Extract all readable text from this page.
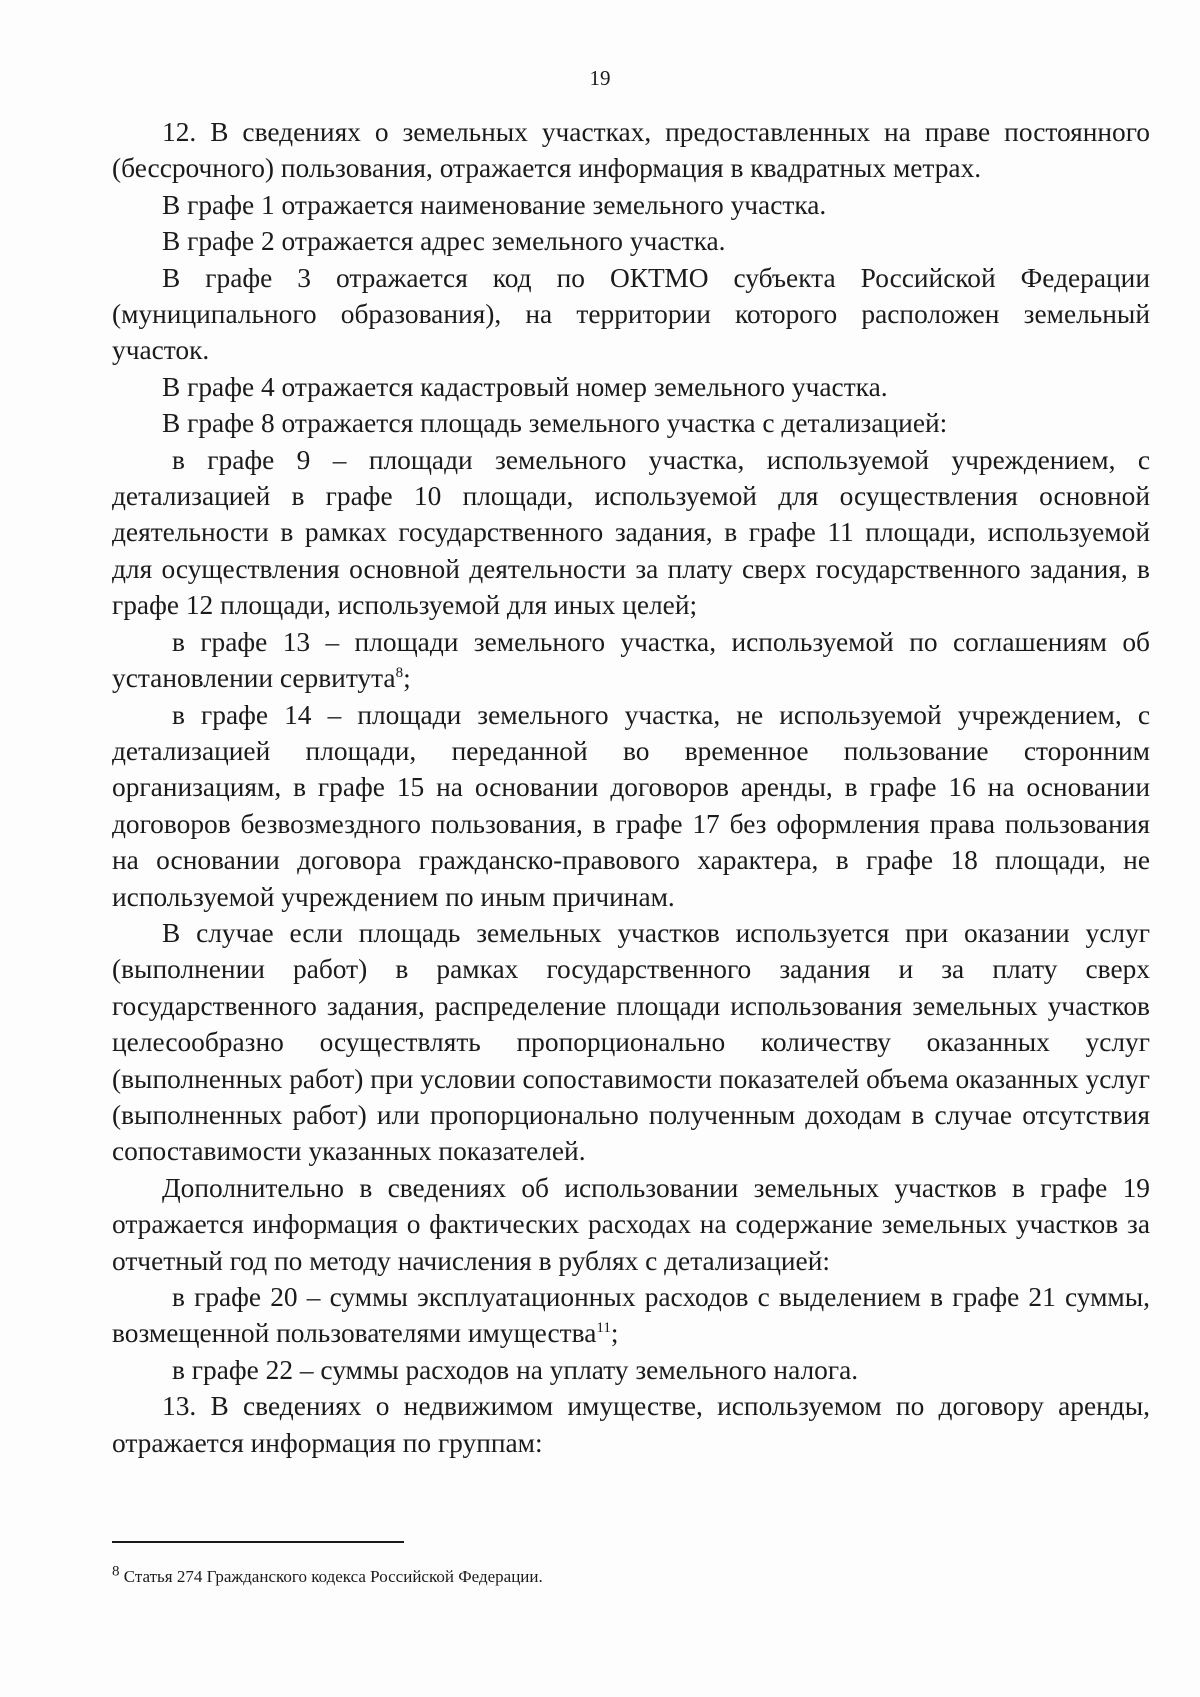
19

12. В сведениях о земельных участках, предоставленных на праве постоянного (бессрочного) пользования, отражается информация в квадратных метрах.

В графе 1 отражается наименование земельного участка.

В графе 2 отражается адрес земельного участка.

В графе 3 отражается код по ОКТМО субъекта Российской Федерации (муниципального образования), на территории которого расположен земельный участок.

В графе 4 отражается кадастровый номер земельного участка.

В графе 8 отражается площадь земельного участка с детализацией:

в графе 9 – площади земельного участка, используемой учреждением, с детализацией в графе 10 площади, используемой для осуществления основной деятельности в рамках государственного задания, в графе 11 площади, используемой для осуществления основной деятельности за плату сверх государственного задания, в графе 12 площади, используемой для иных целей;

в графе 13 – площади земельного участка, используемой по соглашениям об установлении сервитута$^8$;

в графе 14 – площади земельного участка, не используемой учреждением, с детализацией площади, переданной во временное пользование сторонним организациям, в графе 15 на основании договоров аренды, в графе 16 на основании договоров безвозмездного пользования, в графе 17 без оформления права пользования на основании договора гражданско-правового характера, в графе 18 площади, не используемой учреждением по иным причинам.

В случае если площадь земельных участков используется при оказании услуг (выполнении работ) в рамках государственного задания и за плату сверх государственного задания, распределение площади использования земельных участков целесообразно осуществлять пропорционально количеству оказанных услуг (выполненных работ) при условии сопоставимости показателей объема оказанных услуг (выполненных работ) или пропорционально полученным доходам в случае отсутствия сопоставимости указанных показателей.

Дополнительно в сведениях об использовании земельных участков в графе 19 отражается информация о фактических расходах на содержание земельных участков за отчетный год по методу начисления в рублях с детализацией:

в графе 20 – суммы эксплуатационных расходов с выделением в графе 21 суммы, возмещенной пользователями имущества$^{11}$;

в графе 22 – суммы расходов на уплату земельного налога.

13. В сведениях о недвижимом имуществе, используемом по договору аренды, отражается информация по группам:

$^8$ Статья 274 Гражданского кодекса Российской Федерации.
